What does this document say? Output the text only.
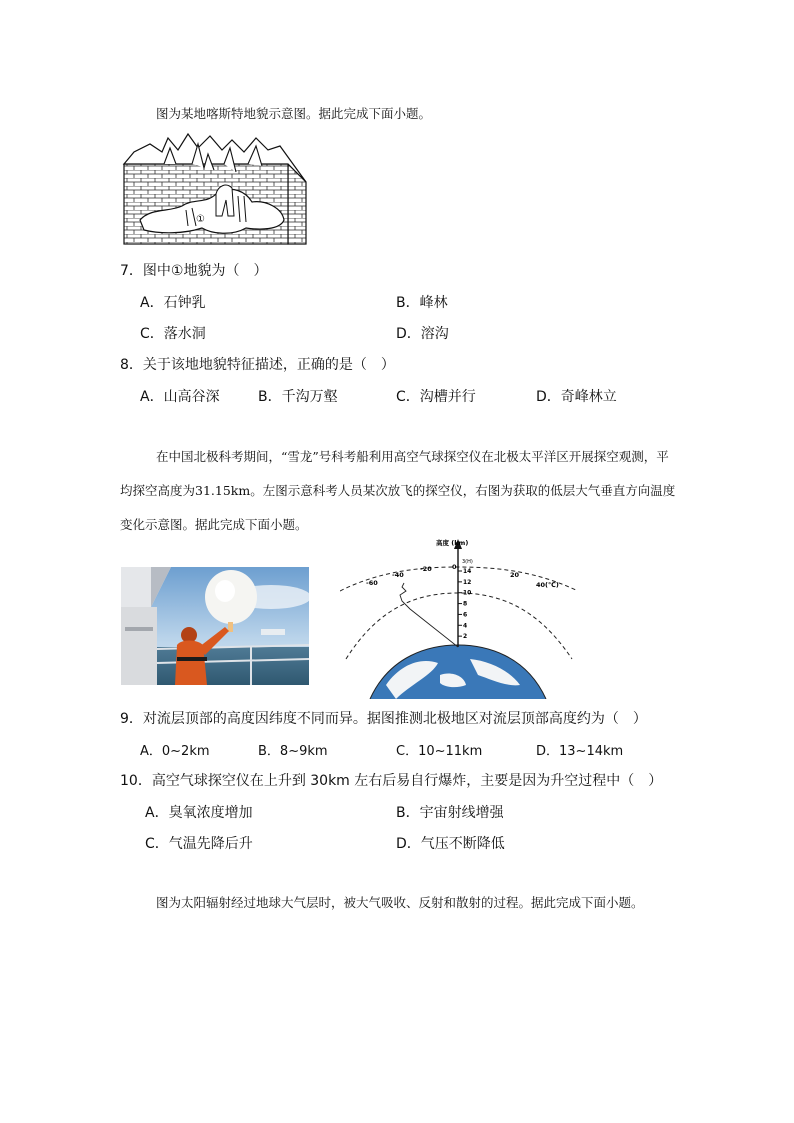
图为某地喀斯特地貌示意图。据此完成下面小题。

①
7．图中①地貌为（　）
A．石钟乳	B．峰林
C．落水洞	D．溶沟
8．关于该地地貌特征描述，正确的是（　）
A．山高谷深	B．千沟万壑	C．沟槽并行	D．奇峰林立

在中国北极科考期间，“雪龙”号科考船利用高空气球探空仪在北极太平洋区开展探空观测，平均探空高度为31.15km。左图示意科考人员某次放飞的探空仪，右图为获取的低层大气垂直方向温度变化示意图。据此完成下面小题。

高度 (km)
3(H)
2
4
6
8
10
12
14
-60
-40
-20	0
20
40(℃)
9．对流层顶部的高度因纬度不同而异。据图推测北极地区对流层顶部高度约为（　）
A．0~2km	B．8~9km	C．10~11km	D．13~14km
10．高空气球探空仪在上升到 30km 左右后易自行爆炸，主要是因为升空过程中（　）
A．臭氧浓度增加	B．宇宙射线增强
C．气温先降后升	D．气压不断降低

图为太阳辐射经过地球大气层时，被大气吸收、反射和散射的过程。据此完成下面小题。
